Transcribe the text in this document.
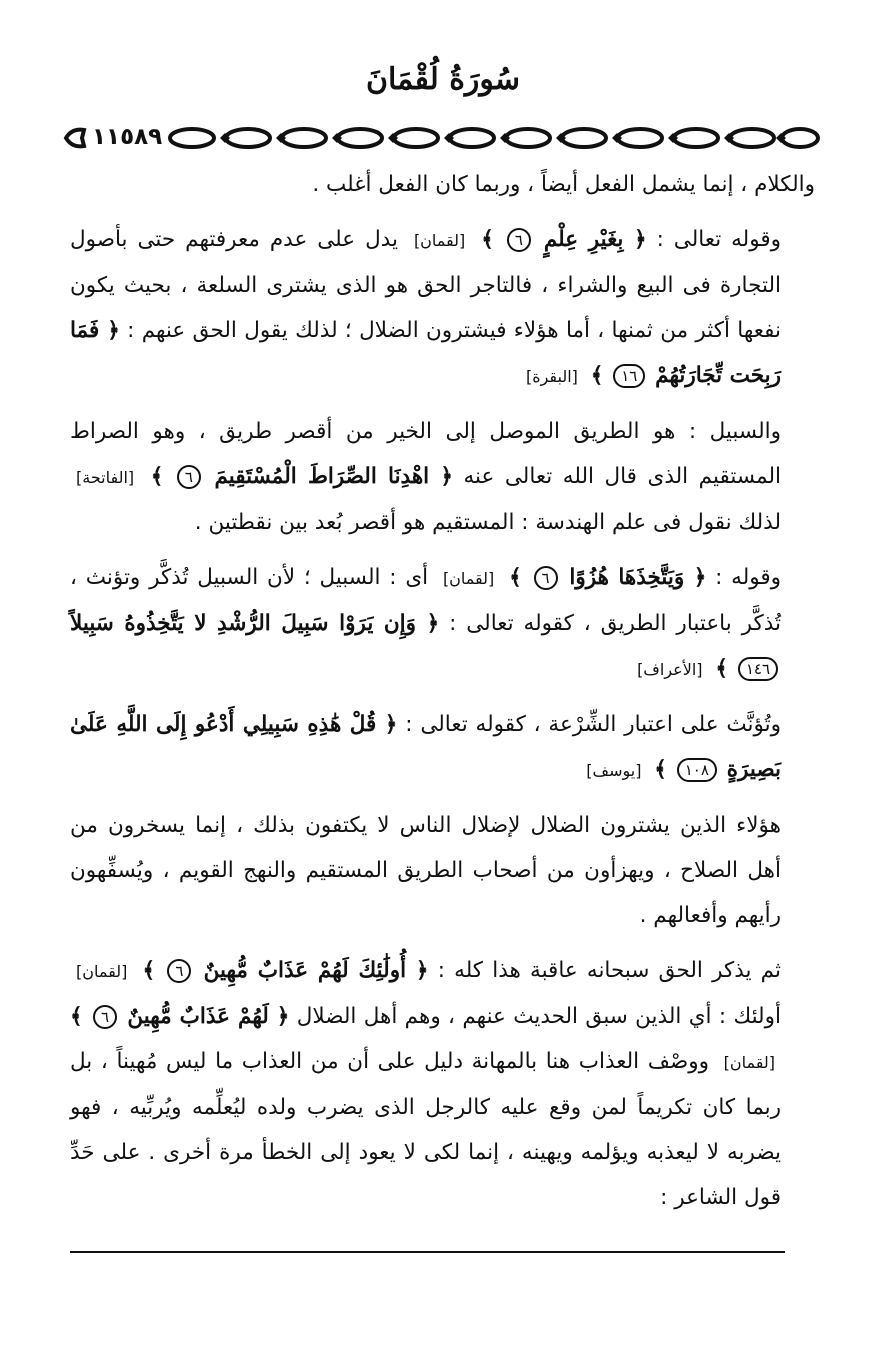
سُورَةُ لُقْمَانَ
١١٥٨٩

والكلام ، إنما يشمل الفعل أيضاً ، وربما كان الفعل أغلب .

وقوله تعالى : ﴿ بِغَيْرِ عِلْمٍ ٦ ﴾ [لقمان] يدل على عدم معرفتهم حتى بأصول التجارة فى البيع والشراء ، فالتاجر الحق هو الذى يشترى السلعة ، بحيث يكون نفعها أكثر من ثمنها ، أما هؤلاء فيشترون الضلال ؛ لذلك يقول الحق عنهم : ﴿ فَمَا رَبِحَت تِّجَارَتُهُمْ ١٦ ﴾ [البقرة]

والسبيل : هو الطريق الموصل إلى الخير من أقصر طريق ، وهو الصراط المستقيم الذى قال الله تعالى عنه ﴿ اهْدِنَا الصِّرَاطَ الْمُسْتَقِيمَ ٦ ﴾ [الفاتحة] لذلك نقول فى علم الهندسة : المستقيم هو أقصر بُعد بين نقطتين .

وقوله : ﴿ وَيَتَّخِذَهَا هُزُوًا ٦ ﴾ [لقمان] أى : السبيل ؛ لأن السبيل تُذكَّر وتؤنث ، تُذكَّر باعتبار الطريق ، كقوله تعالى : ﴿ وَإِن يَرَوْا سَبِيلَ الرُّشْدِ لا يَتَّخِذُوهُ سَبِيلاً ١٤٦ ﴾ [الأعراف]

وتُؤنَّث على اعتبار الشِّرْعة ، كقوله تعالى : ﴿ قُلْ هَٰذِهِ سَبِيلِي أَدْعُو إِلَى اللَّهِ عَلَىٰ بَصِيرَةٍ ١٠٨ ﴾ [يوسف]

هؤلاء الذين يشترون الضلال لإضلال الناس لا يكتفون بذلك ، إنما يسخرون من أهل الصلاح ، ويهزأون من أصحاب الطريق المستقيم والنهج القويم ، ويُسفِّهون رأيهم وأفعالهم .

ثم يذكر الحق سبحانه عاقبة هذا كله : ﴿ أُولَٰئِكَ لَهُمْ عَذَابٌ مُّهِينٌ ٦ ﴾ [لقمان] أولئك : أي الذين سبق الحديث عنهم ، وهم أهل الضلال ﴿ لَهُمْ عَذَابٌ مُّهِينٌ ٦ ﴾ [لقمان] ووصْف العذاب هنا بالمهانة دليل على أن من العذاب ما ليس مُهيناً ، بل ربما كان تكريماً لمن وقع عليه كالرجل الذى يضرب ولده ليُعلِّمه ويُربِّيه ، فهو يضربه لا ليعذبه ويؤلمه ويهينه ، إنما لكى لا يعود إلى الخطأ مرة أخرى . على حَدِّ قول الشاعر :
